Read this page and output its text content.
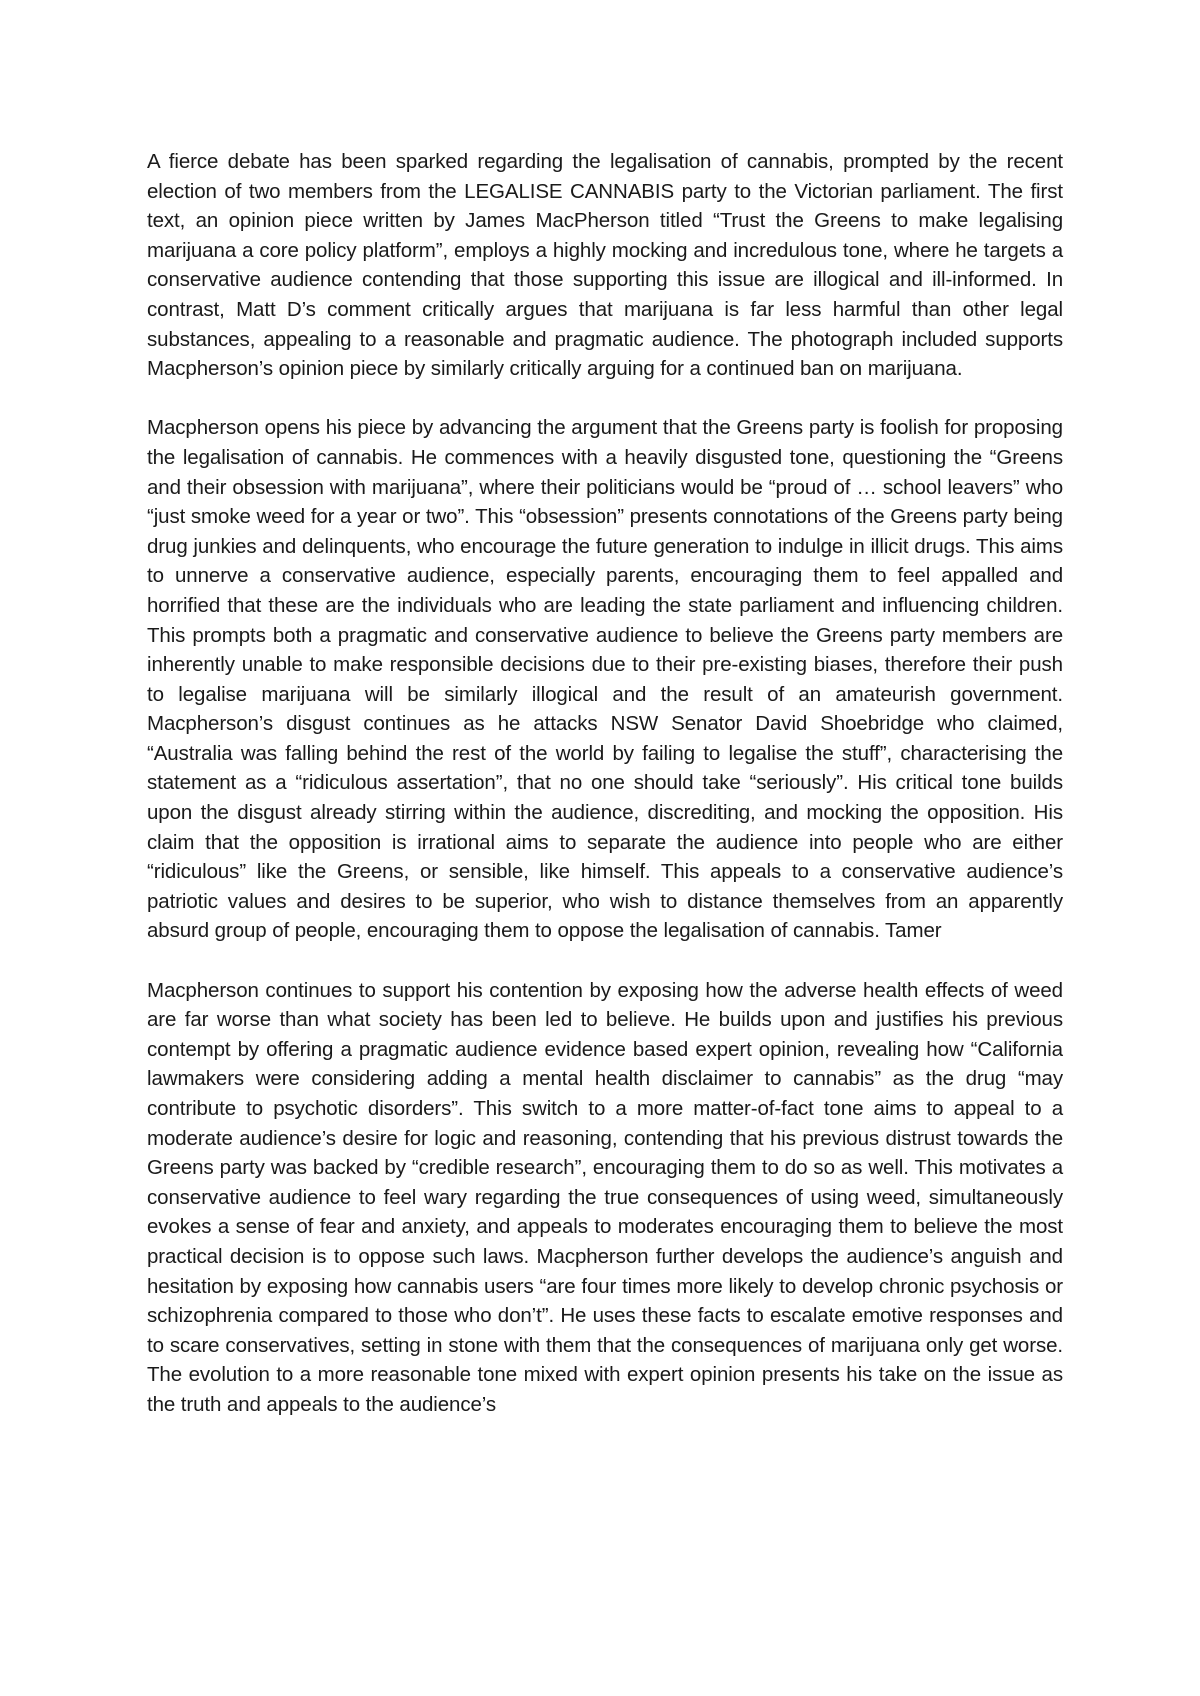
A fierce debate has been sparked regarding the legalisation of cannabis, prompted by the recent election of two members from the LEGALISE CANNABIS party to the Victorian parliament. The first text, an opinion piece written by James MacPherson titled “Trust the Greens to make legalising marijuana a core policy platform”, employs a highly mocking and incredulous tone, where he targets a conservative audience contending that those supporting this issue are illogical and ill-informed. In contrast, Matt D’s comment critically argues that marijuana is far less harmful than other legal substances, appealing to a reasonable and pragmatic audience. The photograph included supports Macpherson’s opinion piece by similarly critically arguing for a continued ban on marijuana.

Macpherson opens his piece by advancing the argument that the Greens party is foolish for proposing the legalisation of cannabis. He commences with a heavily disgusted tone, questioning the “Greens and their obsession with marijuana”, where their politicians would be “proud of … school leavers” who “just smoke weed for a year or two”. This “obsession” presents connotations of the Greens party being drug junkies and delinquents, who encourage the future generation to indulge in illicit drugs. This aims to unnerve a conservative audience, especially parents, encouraging them to feel appalled and horrified that these are the individuals who are leading the state parliament and influencing children. This prompts both a pragmatic and conservative audience to believe the Greens party members are inherently unable to make responsible decisions due to their pre-existing biases, therefore their push to legalise marijuana will be similarly illogical and the result of an amateurish government. Macpherson’s disgust continues as he attacks NSW Senator David Shoebridge who claimed, “Australia was falling behind the rest of the world by failing to legalise the stuff”, characterising the statement as a “ridiculous assertation”, that no one should take “seriously”. His critical tone builds upon the disgust already stirring within the audience, discrediting, and mocking the opposition. His claim that the opposition is irrational aims to separate the audience into people who are either “ridiculous” like the Greens, or sensible, like himself. This appeals to a conservative audience’s patriotic values and desires to be superior, who wish to distance themselves from an apparently absurd group of people, encouraging them to oppose the legalisation of cannabis. Tamer

Macpherson continues to support his contention by exposing how the adverse health effects of weed are far worse than what society has been led to believe. He builds upon and justifies his previous contempt by offering a pragmatic audience evidence based expert opinion, revealing how “California lawmakers were considering adding a mental health disclaimer to cannabis” as the drug “may contribute to psychotic disorders”. This switch to a more matter-of-fact tone aims to appeal to a moderate audience’s desire for logic and reasoning, contending that his previous distrust towards the Greens party was backed by “credible research”, encouraging them to do so as well. This motivates a conservative audience to feel wary regarding the true consequences of using weed, simultaneously evokes a sense of fear and anxiety, and appeals to moderates encouraging them to believe the most practical decision is to oppose such laws. Macpherson further develops the audience’s anguish and hesitation by exposing how cannabis users “are four times more likely to develop chronic psychosis or schizophrenia compared to those who don’t”. He uses these facts to escalate emotive responses and to scare conservatives, setting in stone with them that the consequences of marijuana only get worse. The evolution to a more reasonable tone mixed with expert opinion presents his take on the issue as the truth and appeals to the audience’s
